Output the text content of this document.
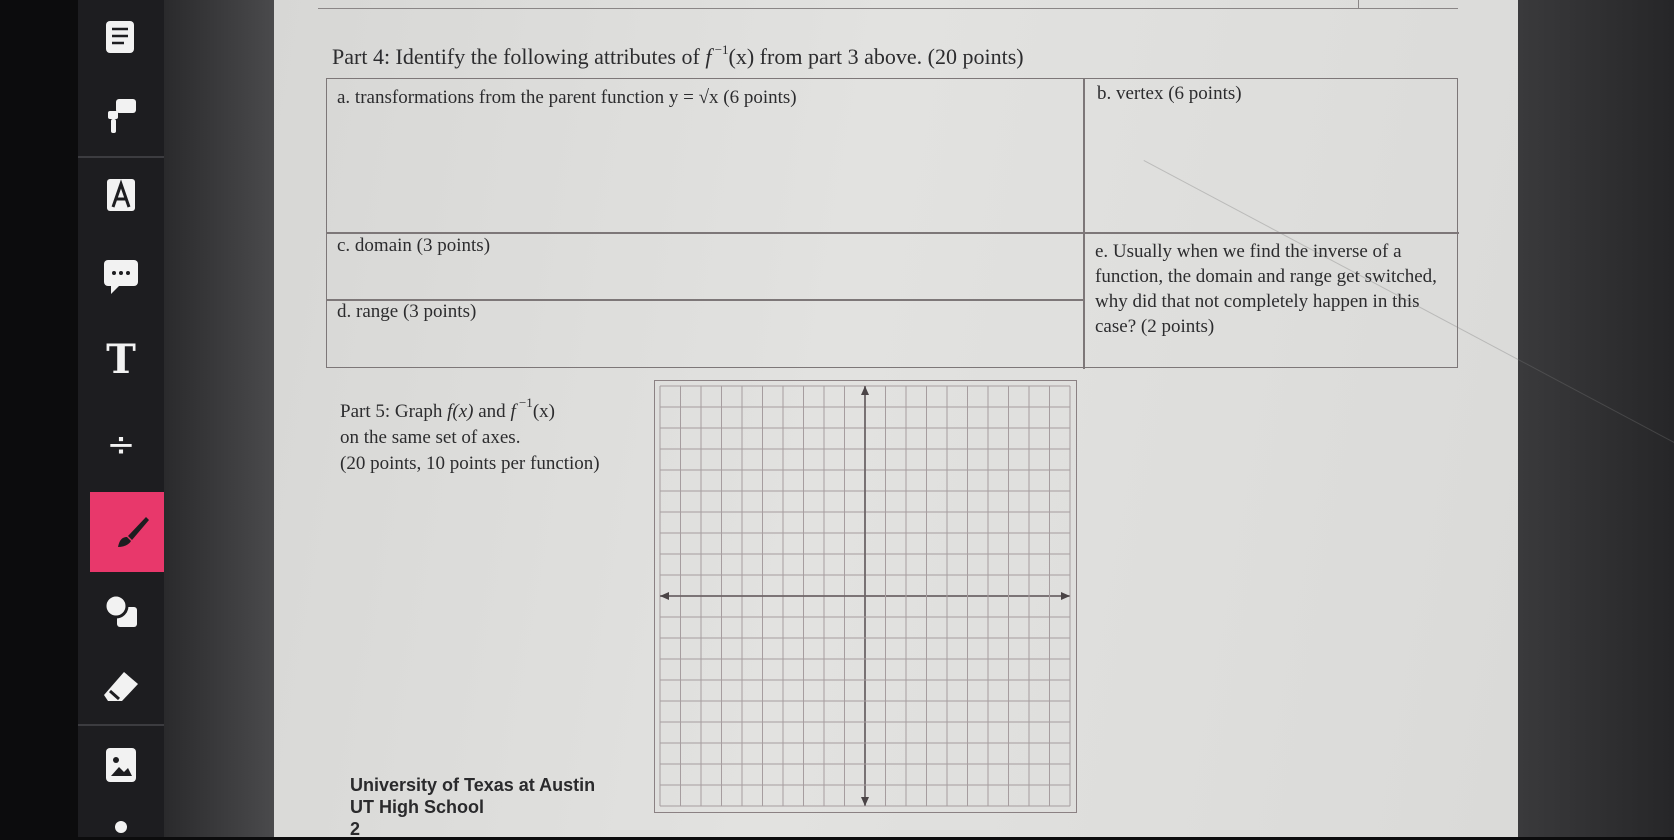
T
÷
Part 4: Identify the following attributes of f $^{-1}$(x) from part 3 above. (20 points)
a. transformations from the parent function y = √x (6 points)	b. vertex (6 points)
c. domain (3 points)
d. range (3 points)
e. Usually when we find the inverse of a function, the domain and range get switched, why did that not completely happen in this case? (2 points)
Part 5: Graph f(x) and f $^{-1}$(x)
on the same set of axes.
(20 points, 10 points per function)
University of Texas at Austin
UT High School
2
